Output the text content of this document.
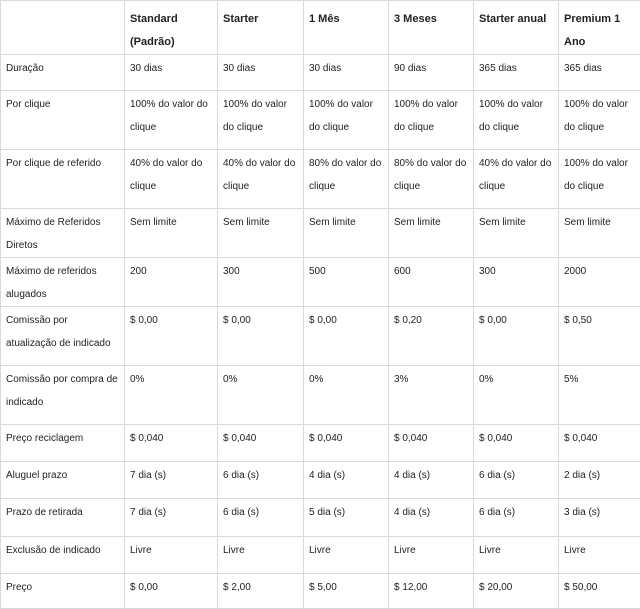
	Standard (Padrão)	Starter	1 Mês	3 Meses	Starter anual	Premium 1 Ano
Duração	30 dias	30 dias	30 dias	90 dias	365 dias	365 dias
Por clique	100% do valor do clique	100% do valor do clique	100% do valor do clique	100% do valor do clique	100% do valor do clique	100% do valor do clique
Por clique de referido	40% do valor do clique	40% do valor do clique	80% do valor do clique	80% do valor do clique	40% do valor do clique	100% do valor do clique
Máximo de Referidos Diretos	Sem limite	Sem limite	Sem limite	Sem limite	Sem limite	Sem limite
Máximo de referidos alugados	200	300	500	600	300	2000
Comissão por atualização de indicado	$ 0,00	$ 0,00	$ 0,00	$ 0,20	$ 0,00	$ 0,50
Comissão por compra de indicado	0%	0%	0%	3%	0%	5%
Preço reciclagem	$ 0,040	$ 0,040	$ 0,040	$ 0,040	$ 0,040	$ 0,040
Aluguel prazo	7 dia (s)	6 dia (s)	4 dia (s)	4 dia (s)	6 dia (s)	2 dia (s)
Prazo de retirada	7 dia (s)	6 dia (s)	5 dia (s)	4 dia (s)	6 dia (s)	3 dia (s)
Exclusão de indicado	Livre	Livre	Livre	Livre	Livre	Livre
Preço	$ 0,00	$ 2,00	$ 5,00	$ 12,00	$ 20,00	$ 50,00
